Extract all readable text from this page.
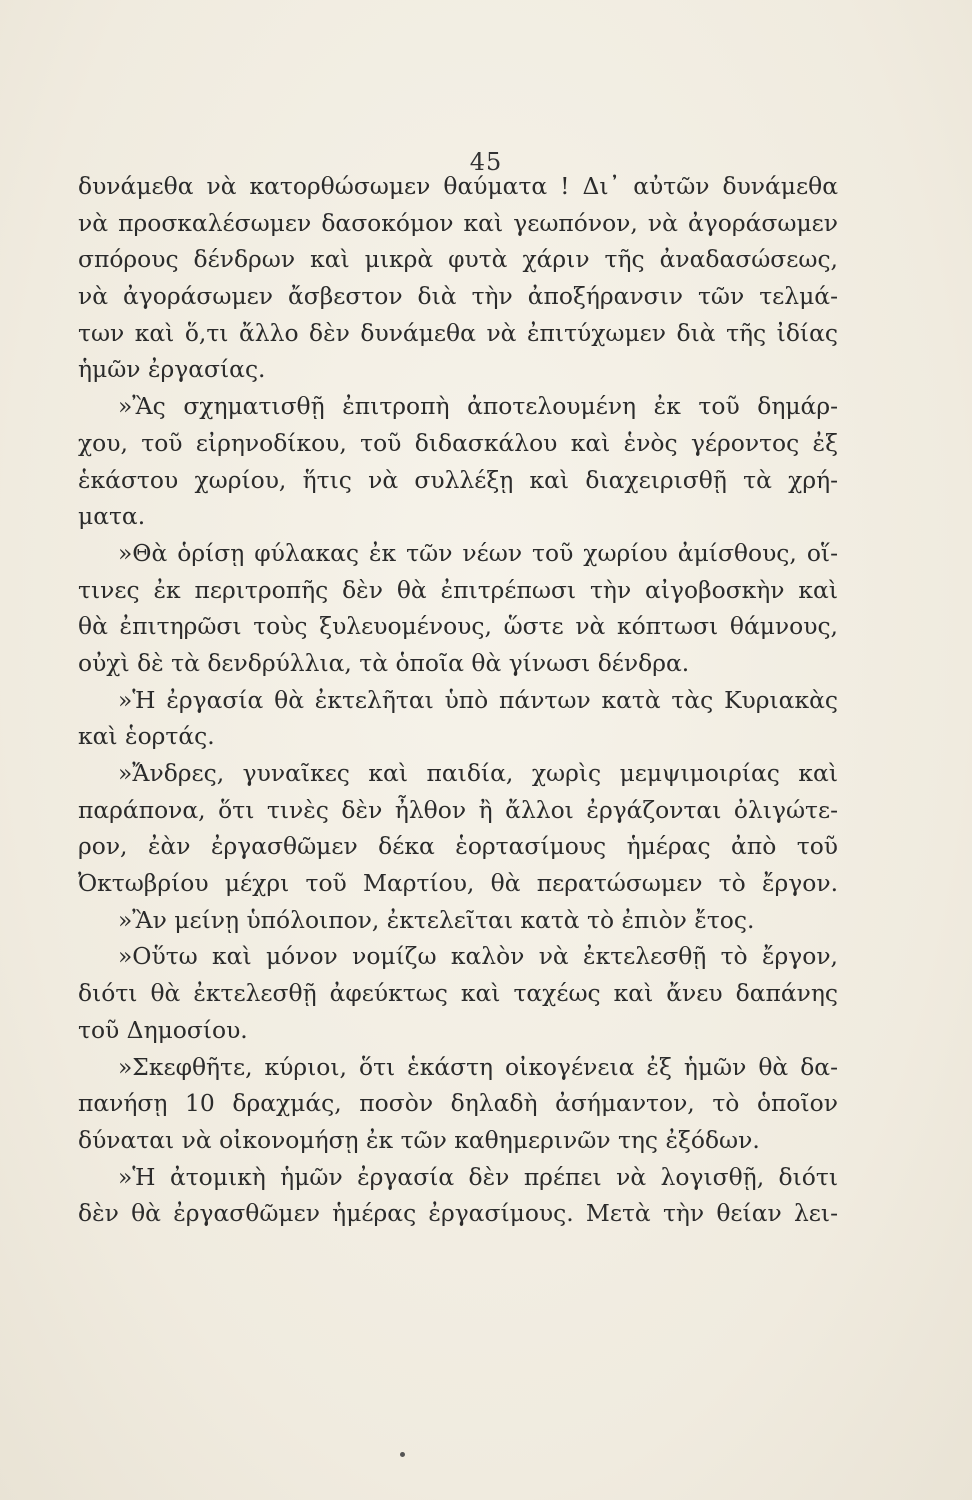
45
δυνάμεθα νὰ κατορθώσωμεν θαύματα ! Δι᾿ αὐτῶν δυνάμεθα
νὰ προσκαλέσωμεν δασοκόμον καὶ γεωπόνον, νὰ ἀγοράσωμεν
σπόρους δένδρων καὶ μικρὰ φυτὰ χάριν τῆς ἀναδασώσεως,
νὰ ἀγοράσωμεν ἄσβεστον διὰ τὴν ἀποξήρανσιν τῶν τελμά-
των καὶ ὅ,τι ἄλλο δὲν δυνάμεθα νὰ ἐπιτύχωμεν διὰ τῆς ἰδίας
ἡμῶν ἐργασίας.
»Ἂς σχηματισθῇ ἐπιτροπὴ ἀποτελουμένη ἐκ τοῦ δημάρ-
χου, τοῦ εἰρηνοδίκου, τοῦ διδασκάλου καὶ ἑνὸς γέροντος ἐξ
ἑκάστου χωρίου, ἥτις νὰ συλλέξῃ καὶ διαχειρισθῇ τὰ χρή-
ματα.
»Θὰ ὁρίσῃ φύλακας ἐκ τῶν νέων τοῦ χωρίου ἀμίσθους, οἵ-
τινες ἐκ περιτροπῆς δὲν θὰ ἐπιτρέπωσι τὴν αἰγοβοσκὴν καὶ
θὰ ἐπιτηρῶσι τοὺς ξυλευομένους, ὥστε νὰ κόπτωσι θάμνους,
οὐχὶ δὲ τὰ δενδρύλλια, τὰ ὁποῖα θὰ γίνωσι δένδρα.
»Ἡ ἐργασία θὰ ἐκτελῆται ὑπὸ πάντων κατὰ τὰς Κυριακὰς
καὶ ἑορτάς.
»Ἄνδρες, γυναῖκες καὶ παιδία, χωρὶς μεμψιμοιρίας καὶ
παράπονα, ὅτι τινὲς δὲν ἦλθον ἢ ἄλλοι ἐργάζονται ὀλιγώτε-
ρον, ἐὰν ἐργασθῶμεν δέκα ἑορτασίμους ἡμέρας ἀπὸ τοῦ
Ὀκτωβρίου μέχρι τοῦ Μαρτίου, θὰ περατώσωμεν τὸ ἔργον.
»Ἂν μείνῃ ὑπόλοιπον, ἐκτελεῖται κατὰ τὸ ἐπιὸν ἔτος.
»Οὕτω καὶ μόνον νομίζω καλὸν νὰ ἐκτελεσθῇ τὸ ἔργον,
διότι θὰ ἐκτελεσθῇ ἀφεύκτως καὶ ταχέως καὶ ἄνευ δαπάνης
τοῦ Δημοσίου.
»Σκεφθῆτε, κύριοι, ὅτι ἑκάστη οἰκογένεια ἐξ ἡμῶν θὰ δα-
πανήσῃ 10 δραχμάς, ποσὸν δηλαδὴ ἀσήμαντον, τὸ ὁποῖον
δύναται νὰ οἰκονομήσῃ ἐκ τῶν καθημερινῶν της ἐξόδων.
»Ἡ ἀτομικὴ ἡμῶν ἐργασία δὲν πρέπει νὰ λογισθῇ, διότι
δὲν θὰ ἐργασθῶμεν ἡμέρας ἐργασίμους. Μετὰ τὴν θείαν λει-
